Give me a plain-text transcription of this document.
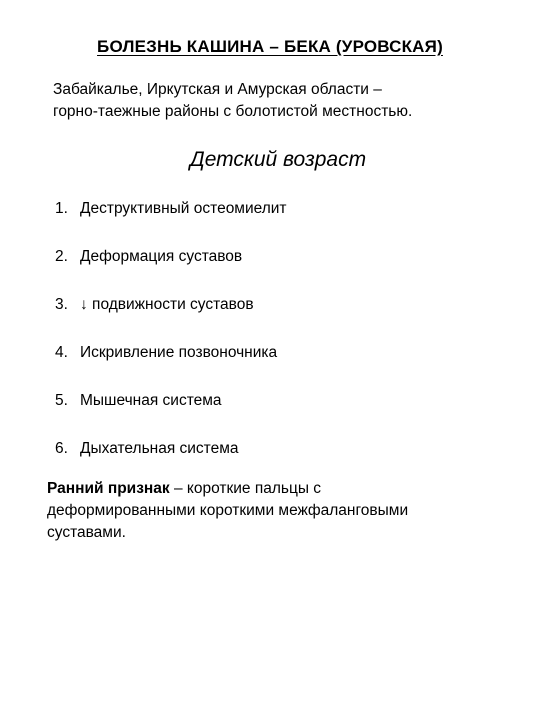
БОЛЕЗНЬ КАШИНА – БЕКА (УРОВСКАЯ)
Забайкалье, Иркутская и Амурская области –
горно-таежные районы с болотистой местностью.
Детский возраст
1. Деструктивный остеомиелит
2. Деформация суставов
3. ↓ подвижности суставов
4. Искривление позвоночника
5. Мышечная система
6. Дыхательная система
Ранний признак – короткие пальцы с
деформированными короткими межфаланговыми
суставами.
